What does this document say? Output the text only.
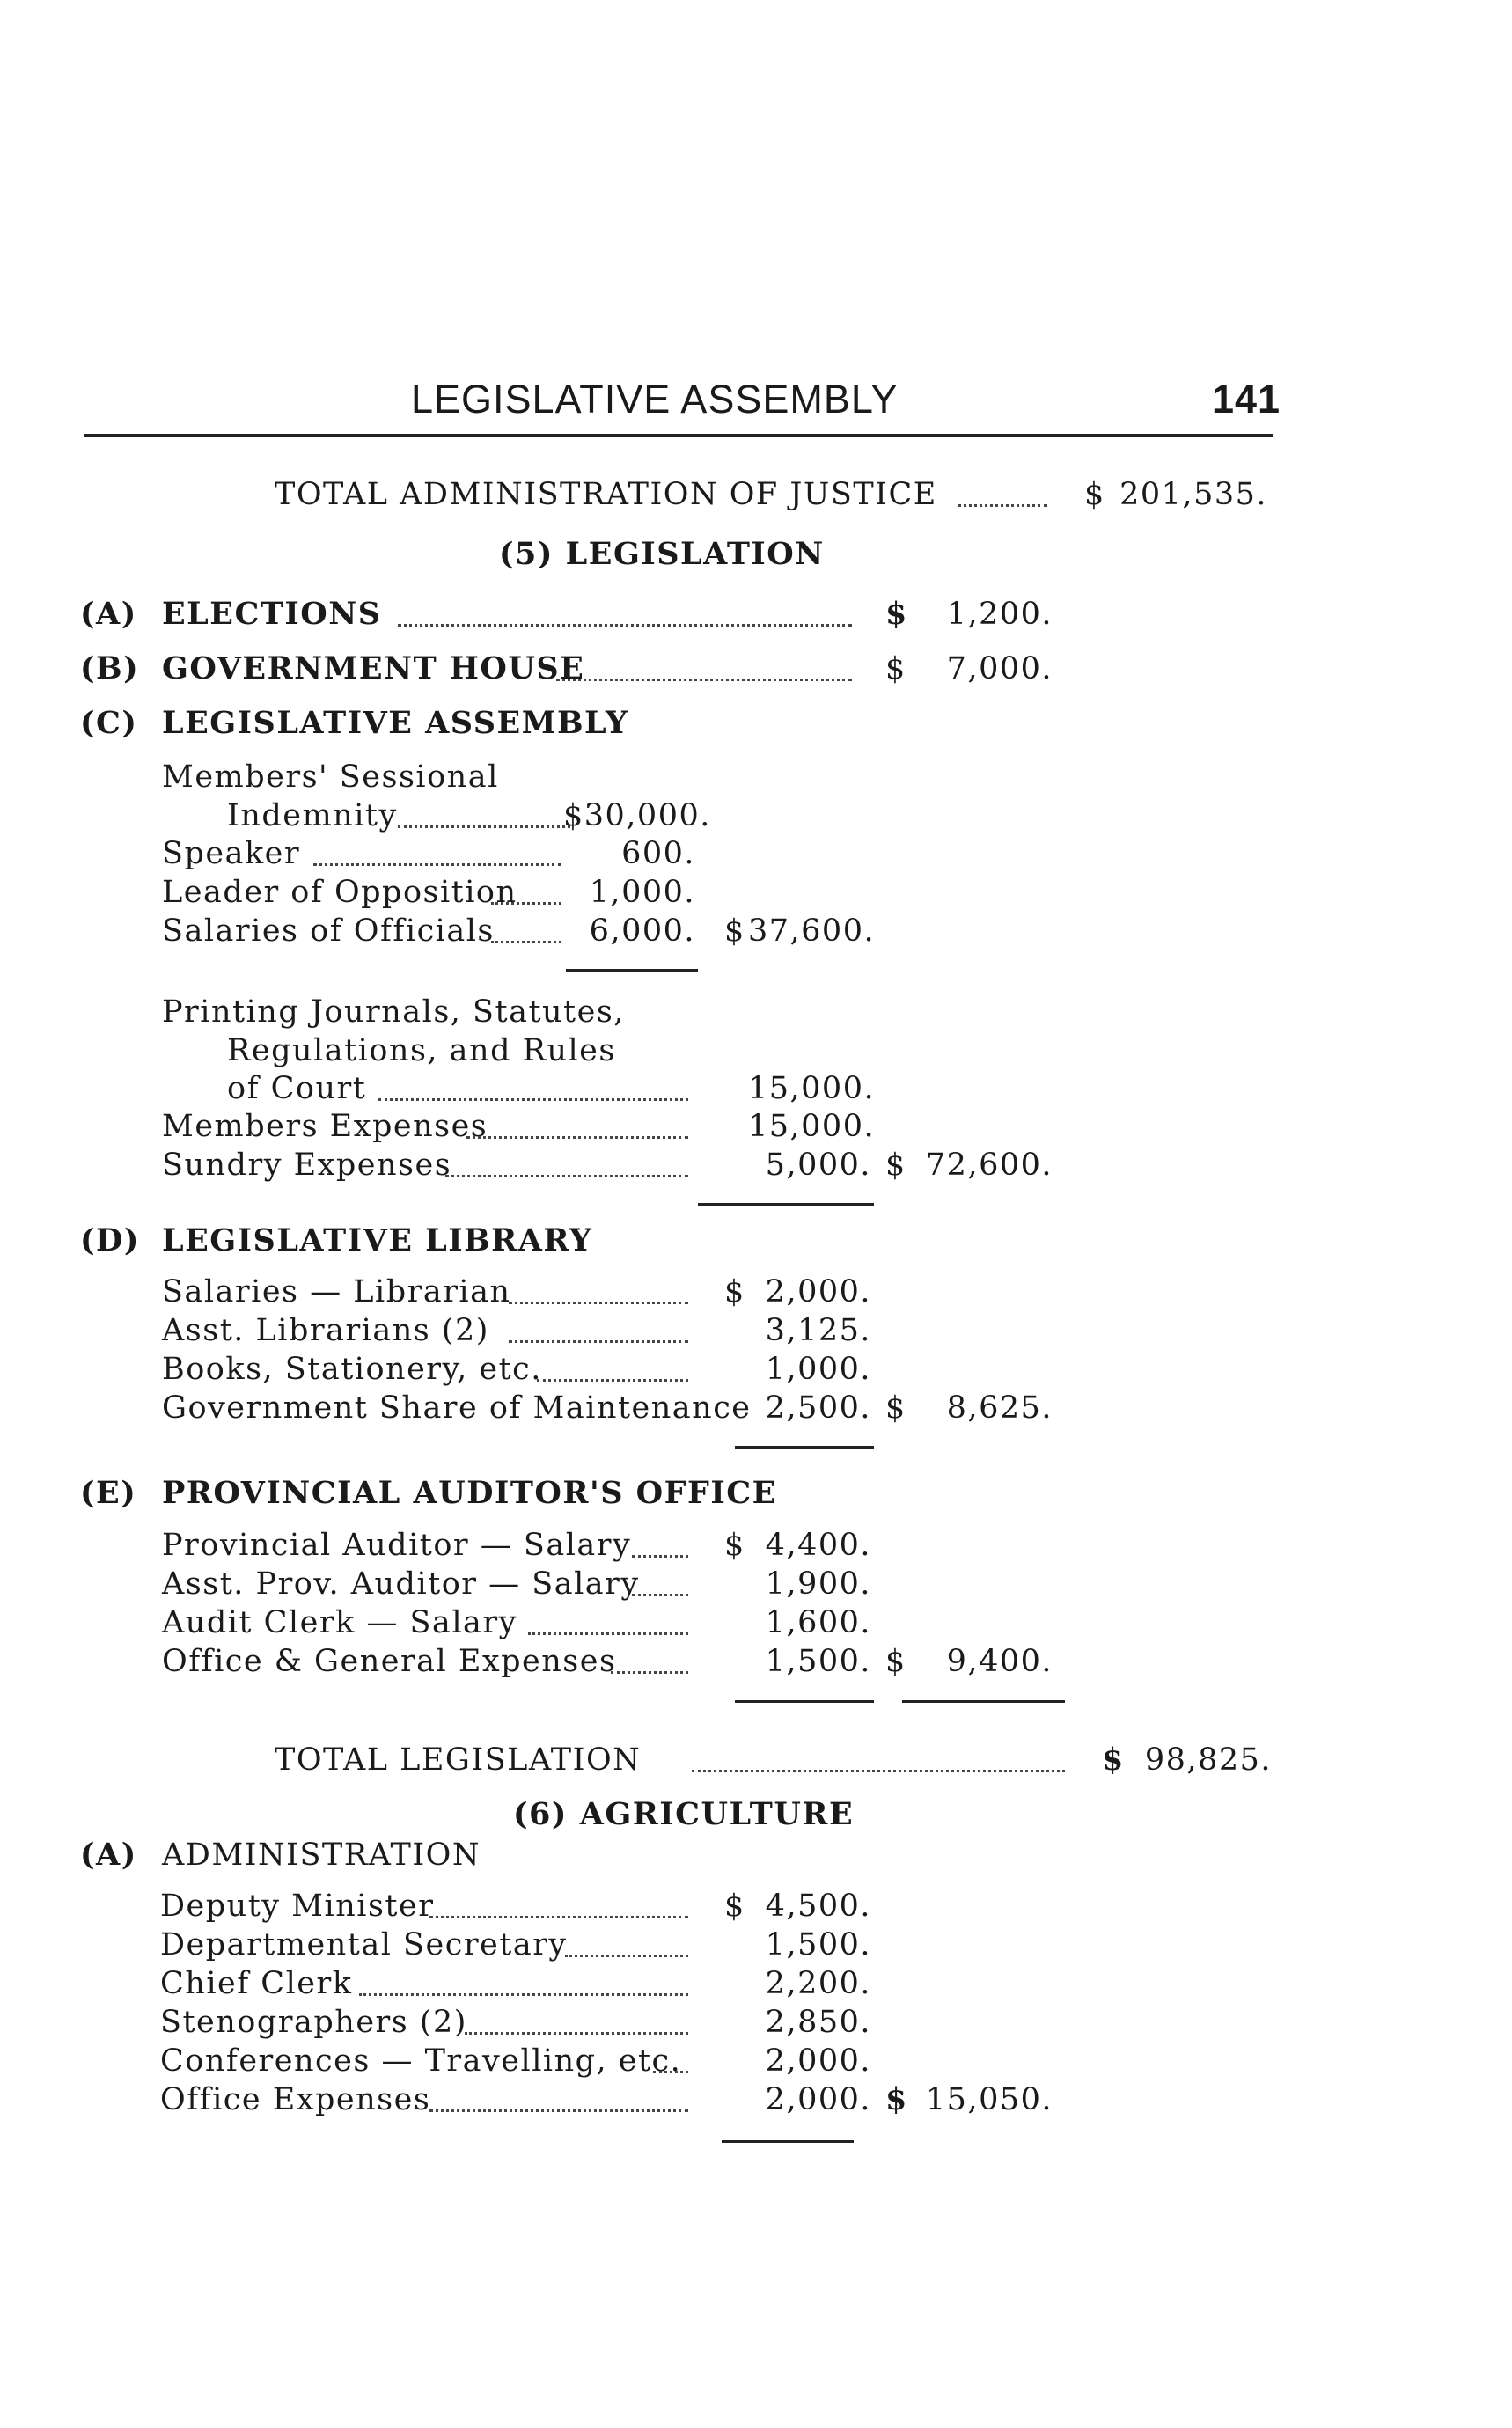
LEGISLATIVE ASSEMBLY	141
TOTAL ADMINISTRATION OF JUSTICE	$ 201,535.
(5) LEGISLATION
(A) ELECTIONS	$	1,200.
(B) GOVERNMENT HOUSE	$	7,000.
(C) LEGISLATIVE ASSEMBLY
Members' Sessional
Indemnity	$30,000.
Speaker	600.
Leader of Opposition	1,000.
Salaries of Officials	6,000. $ 37,600.
Printing Journals, Statutes,
Regulations, and Rules
of Court	15,000.
Members Expenses	15,000.
Sundry Expenses	5,000. $ 72,600.
(D) LEGISLATIVE LIBRARY
Salaries — Librarian	$ 2,000.
Asst. Librarians (2)	3,125.
Books, Stationery, etc.	1,000.
Government Share of Maintenance 2,500. $	8,625.
(E) PROVINCIAL AUDITOR'S OFFICE
Provincial Auditor — Salary	$ 4,400.
Asst. Prov. Auditor — Salary	1,900.
Audit Clerk — Salary	1,600.
Office & General Expenses	1,500. $	9,400.
TOTAL LEGISLATION	$ 98,825.
(6) AGRICULTURE
(A) ADMINISTRATION
Deputy Minister	$ 4,500.
Departmental Secretary	1,500.
Chief Clerk	2,200.
Stenographers (2)	2,850.
Conferences — Travelling, etc.	2,000.
Office Expenses	2,000. $ 15,050.
